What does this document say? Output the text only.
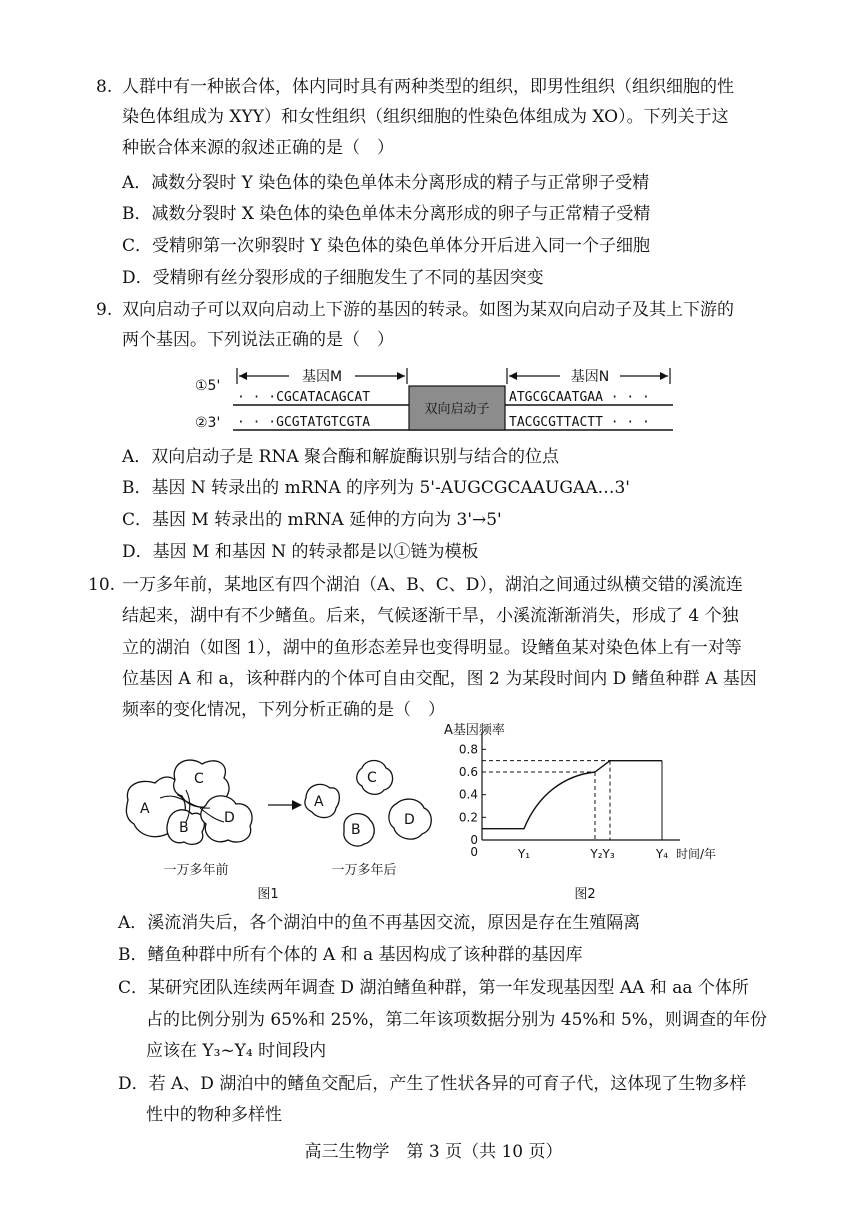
8. 人群中有一种嵌合体，体内同时具有两种类型的组织，即男性组织（组织细胞的性
染色体组成为 XYY）和女性组织（组织细胞的性染色体组成为 XO）。下列关于这
种嵌合体来源的叙述正确的是（　）
A．减数分裂时 Y 染色体的染色单体未分离形成的精子与正常卵子受精
B．减数分裂时 X 染色体的染色单体未分离形成的卵子与正常精子受精
C．受精卵第一次卵裂时 Y 染色体的染色单体分开后进入同一个子细胞
D．受精卵有丝分裂形成的子细胞发生了不同的基因突变
9. 双向启动子可以双向启动上下游的基因的转录。如图为某双向启动子及其上下游的
两个基因。下列说法正确的是（　）
①5'
②3'
基因M	基因N
双向启动子
· · ·CGCATACAGCAT
· · ·GCGTATGTCGTA
ATGCGCAATGAA · · ·
TACGCGTTACTT · · ·
A．双向启动子是 RNA 聚合酶和解旋酶识别与结合的位点
B．基因 N 转录出的 mRNA 的序列为 5'-AUGCGCAAUGAA…3'
C．基因 M 转录出的 mRNA 延伸的方向为 3'→5'
D．基因 M 和基因 N 的转录都是以①链为模板
10. 一万多年前，某地区有四个湖泊（A、B、C、D），湖泊之间通过纵横交错的溪流连
结起来，湖中有不少鳍鱼。后来，气候逐渐干旱，小溪流渐渐消失，形成了 4 个独
立的湖泊（如图 1），湖中的鱼形态差异也变得明显。设鳍鱼某对染色体上有一对等
位基因 A 和 a，该种群内的个体可自由交配，图 2 为某段时间内 D 鳍鱼种群 A 基因
频率的变化情况，下列分析正确的是（　）
A
C
B
D
A
C
B
D
一万多年前	一万多年后
图1
A基因频率
0
0.2
0.4
0.6
0.8
0	Y₁	Y₂Y₃	Y₄ 时间/年
图2
A．溪流消失后，各个湖泊中的鱼不再基因交流，原因是存在生殖隔离
B．鳍鱼种群中所有个体的 A 和 a 基因构成了该种群的基因库
C．某研究团队连续两年调查 D 湖泊鳍鱼种群，第一年发现基因型 AA 和 aa 个体所
占的比例分别为 65%和 25%，第二年该项数据分别为 45%和 5%，则调查的年份
应该在 Y₃~Y₄ 时间段内
D．若 A、D 湖泊中的鳍鱼交配后，产生了性状各异的可育子代，这体现了生物多样
性中的物种多样性
高三生物学　第 3 页（共 10 页）
